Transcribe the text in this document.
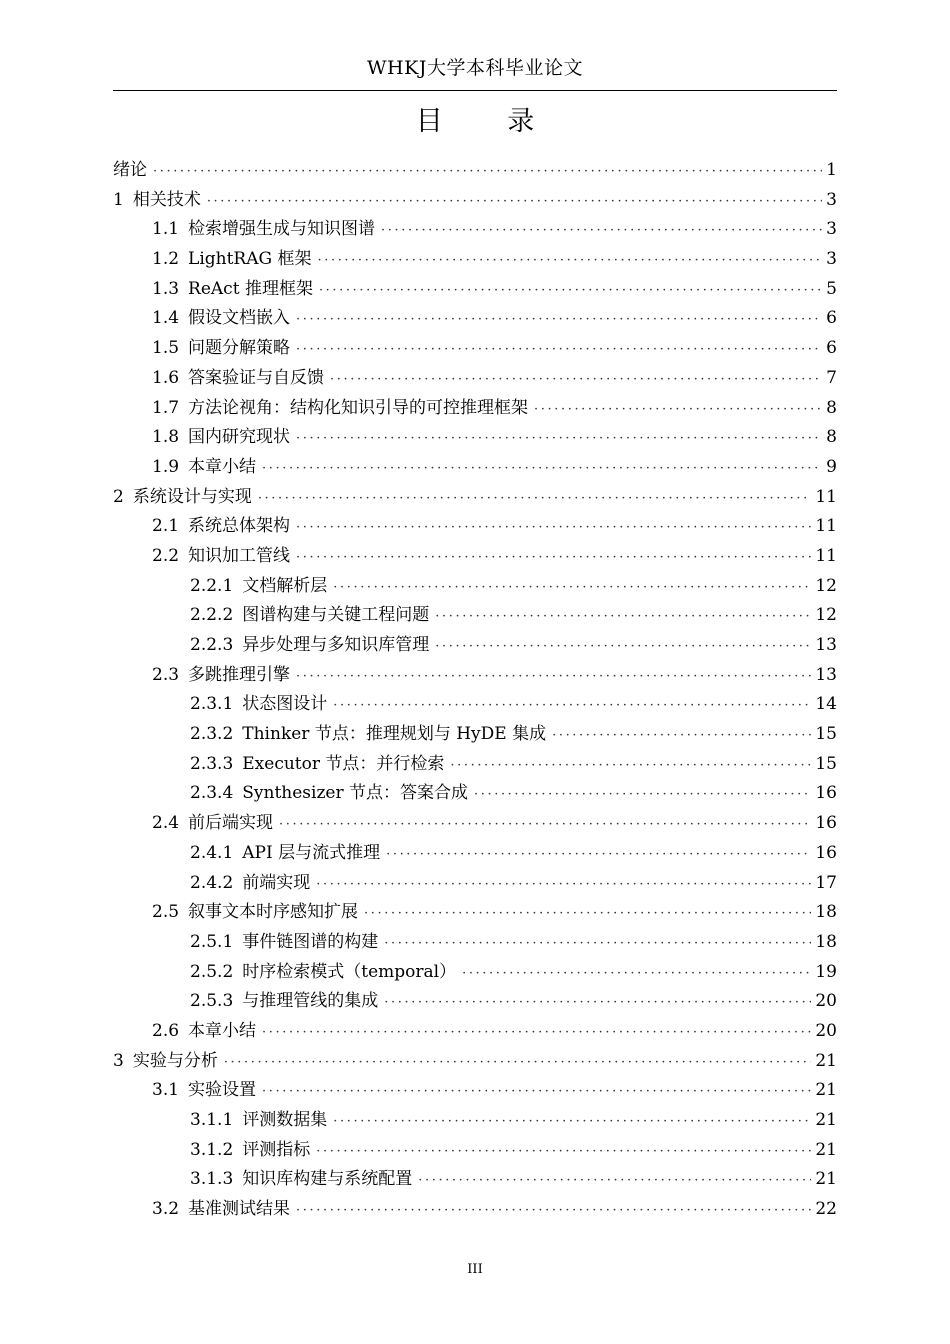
WHKJ大学本科毕业论文
目 录
绪论 ·····	1
1 相关技术 ·····	3
1.1 检索增强生成与知识图谱 ·····	3
1.2 LightRAG 框架 ·····	3
1.3 ReAct 推理框架 ·····	5
1.4 假设文档嵌入 ·····	6
1.5 问题分解策略 ·····	6
1.6 答案验证与自反馈 ·····	7
1.7 方法论视角：结构化知识引导的可控推理框架 ·····	8
1.8 国内研究现状 ·····	8
1.9 本章小结 ·····	9
2 系统设计与实现 ·····	11
2.1 系统总体架构 ·····	11
2.2 知识加工管线 ·····	11
2.2.1 文档解析层 ·····	12
2.2.2 图谱构建与关键工程问题 ·····	12
2.2.3 异步处理与多知识库管理 ·····	13
2.3 多跳推理引擎 ·····	13
2.3.1 状态图设计 ·····	14
2.3.2 Thinker 节点：推理规划与 HyDE 集成 ·····	15
2.3.3 Executor 节点：并行检索 ·····	15
2.3.4 Synthesizer 节点：答案合成 ·····	16
2.4 前后端实现 ·····	16
2.4.1 API 层与流式推理 ·····	16
2.4.2 前端实现 ·····	17
2.5 叙事文本时序感知扩展 ·····	18
2.5.1 事件链图谱的构建 ·····	18
2.5.2 时序检索模式（temporal） ·····	19
2.5.3 与推理管线的集成 ·····	20
2.6 本章小结 ·····	20
3 实验与分析 ·····	21
3.1 实验设置 ·····	21
3.1.1 评测数据集 ·····	21
3.1.2 评测指标 ·····	21
3.1.3 知识库构建与系统配置 ·····	21
3.2 基准测试结果 ·····	22
III
